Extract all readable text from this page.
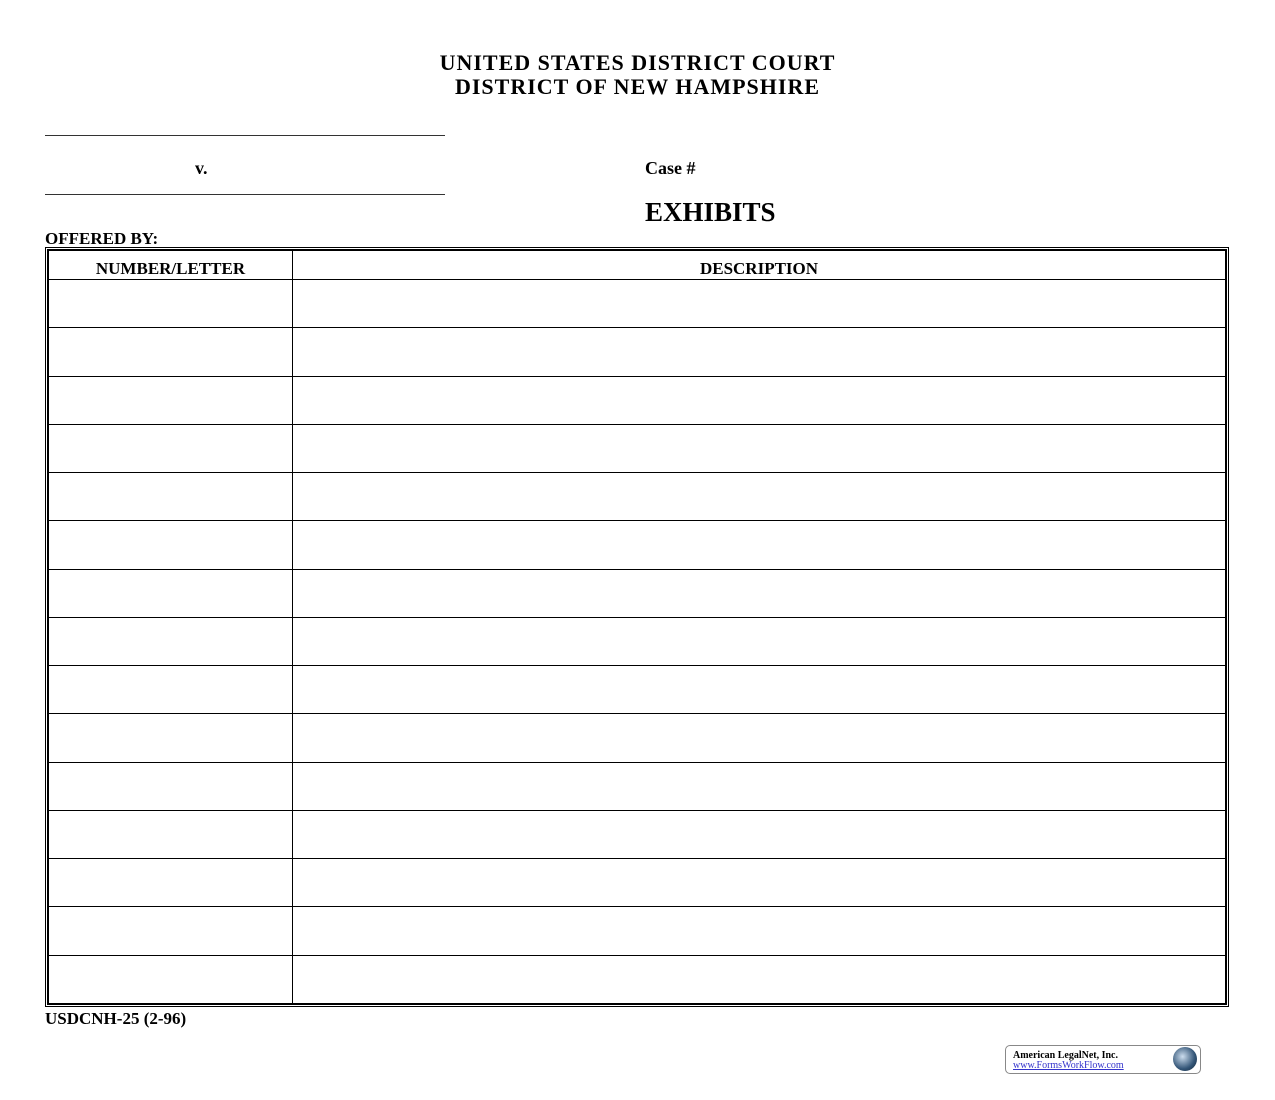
UNITED STATES DISTRICT COURT
DISTRICT OF NEW HAMPSHIRE
v.	Case #
EXHIBITS
OFFERED BY:
NUMBER/LETTER	DESCRIPTION

USDCNH-25 (2-96)
American LegalNet, Inc.
www.FormsWorkFlow.com
